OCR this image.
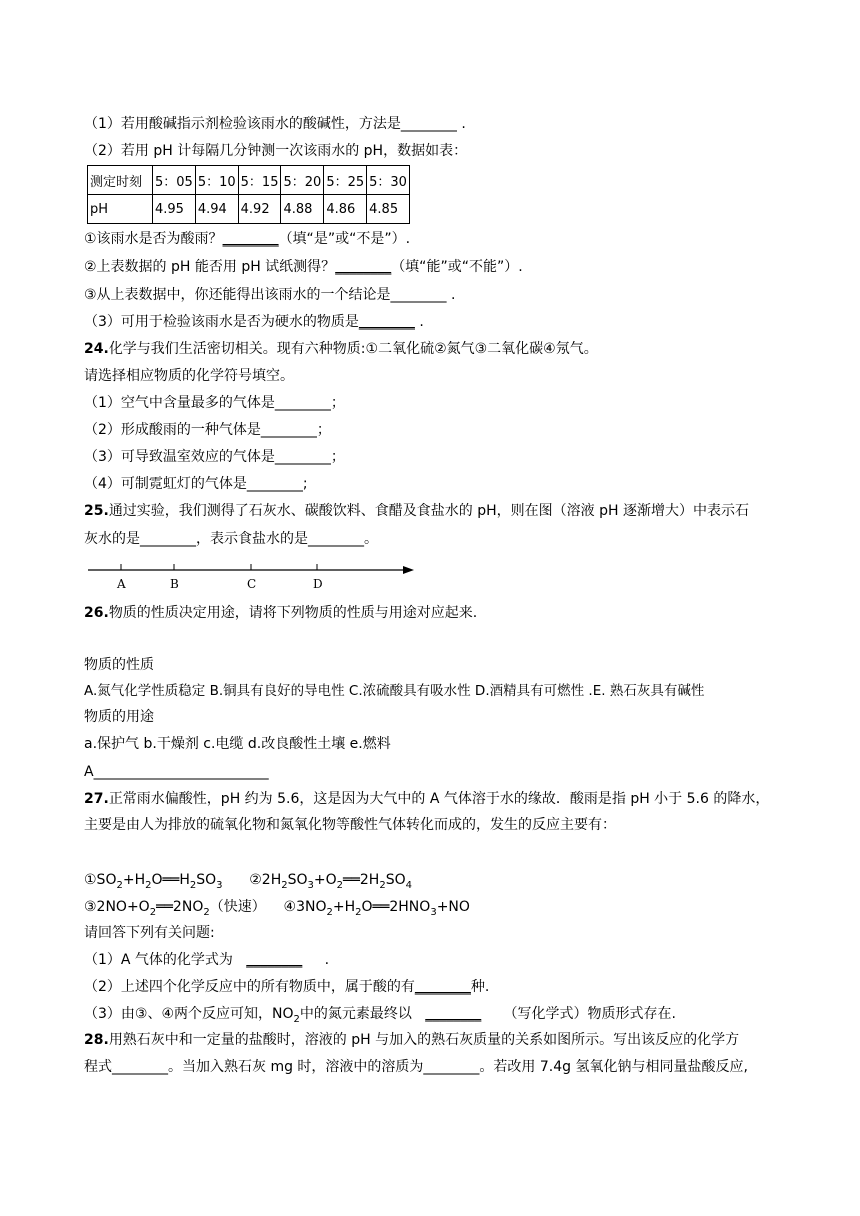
（1）若用酸碱指示剂检验该雨水的酸碱性，方法是________ .
（2）若用 pH 计每隔几分钟测一次该雨水的 pH，数据如表：
测定时刻	5：05	5：10	5：15	5：20	5：25	5：30
pH	4.95	4.94	4.92	4.88	4.86	4.85
①该雨水是否为酸雨？________（填“是”或“不是”）.
②上表数据的 pH 能否用 pH 试纸测得？________（填“能”或“不能”）.
③从上表数据中，你还能得出该雨水的一个结论是________ .
（3）可用于检验该雨水是否为硬水的物质是________ .
24.化学与我们生活密切相关。现有六种物质:①二氧化硫②氮气③二氧化碳④氖气。
请选择相应物质的化学符号填空。
（1）空气中含量最多的气体是________；
（2）形成酸雨的一种气体是________；
（3）可导致温室效应的气体是________；
（4）可制霓虹灯的气体是________;
25.通过实验，我们测得了石灰水、碳酸饮料、食醋及食盐水的 pH，则在图（溶液 pH 逐渐增大）中表示石
灰水的是________，表示食盐水的是________。
A	B	C	D
26.物质的性质决定用途，请将下列物质的性质与用途对应起来.
物质的性质
A.氮气化学性质稳定 B.铜具有良好的导电性 C.浓硫酸具有吸水性 D.酒精具有可燃性 .E. 熟石灰具有碱性
物质的用途
a.保护气 b.干燥剂 c.电缆 d.改良酸性土壤 e.燃料
A_________________________
27.正常雨水偏酸性，pH 约为 5.6，这是因为大气中的 A 气体溶于水的缘故．酸雨是指 pH 小于 5.6 的降水，
主要是由人为排放的硫氧化物和氮氧化物等酸性气体转化而成的，发生的反应主要有：
$①SO_2+H_2O══H_2SO_3$      $②2H_2SO_3+O_2══2H_2SO_4$
$③2NO+O_2══2NO_2$（快速）    $④3NO_2+H_2O══2HNO_3+NO$
请回答下列有关问题:
（1）A 气体的化学式为 ________ .
（2）上述四个化学反应中的所有物质中，属于酸的有________种.
（3）由③、④两个反应可知，$NO_2$中的氮元素最终以 ________ （写化学式）物质形式存在.
28.用熟石灰中和一定量的盐酸时，溶液的 pH 与加入的熟石灰质量的关系如图所示。写出该反应的化学方
程式________。当加入熟石灰 mg 时，溶液中的溶质为________。若改用 7.4g 氢氧化钠与相同量盐酸反应,
